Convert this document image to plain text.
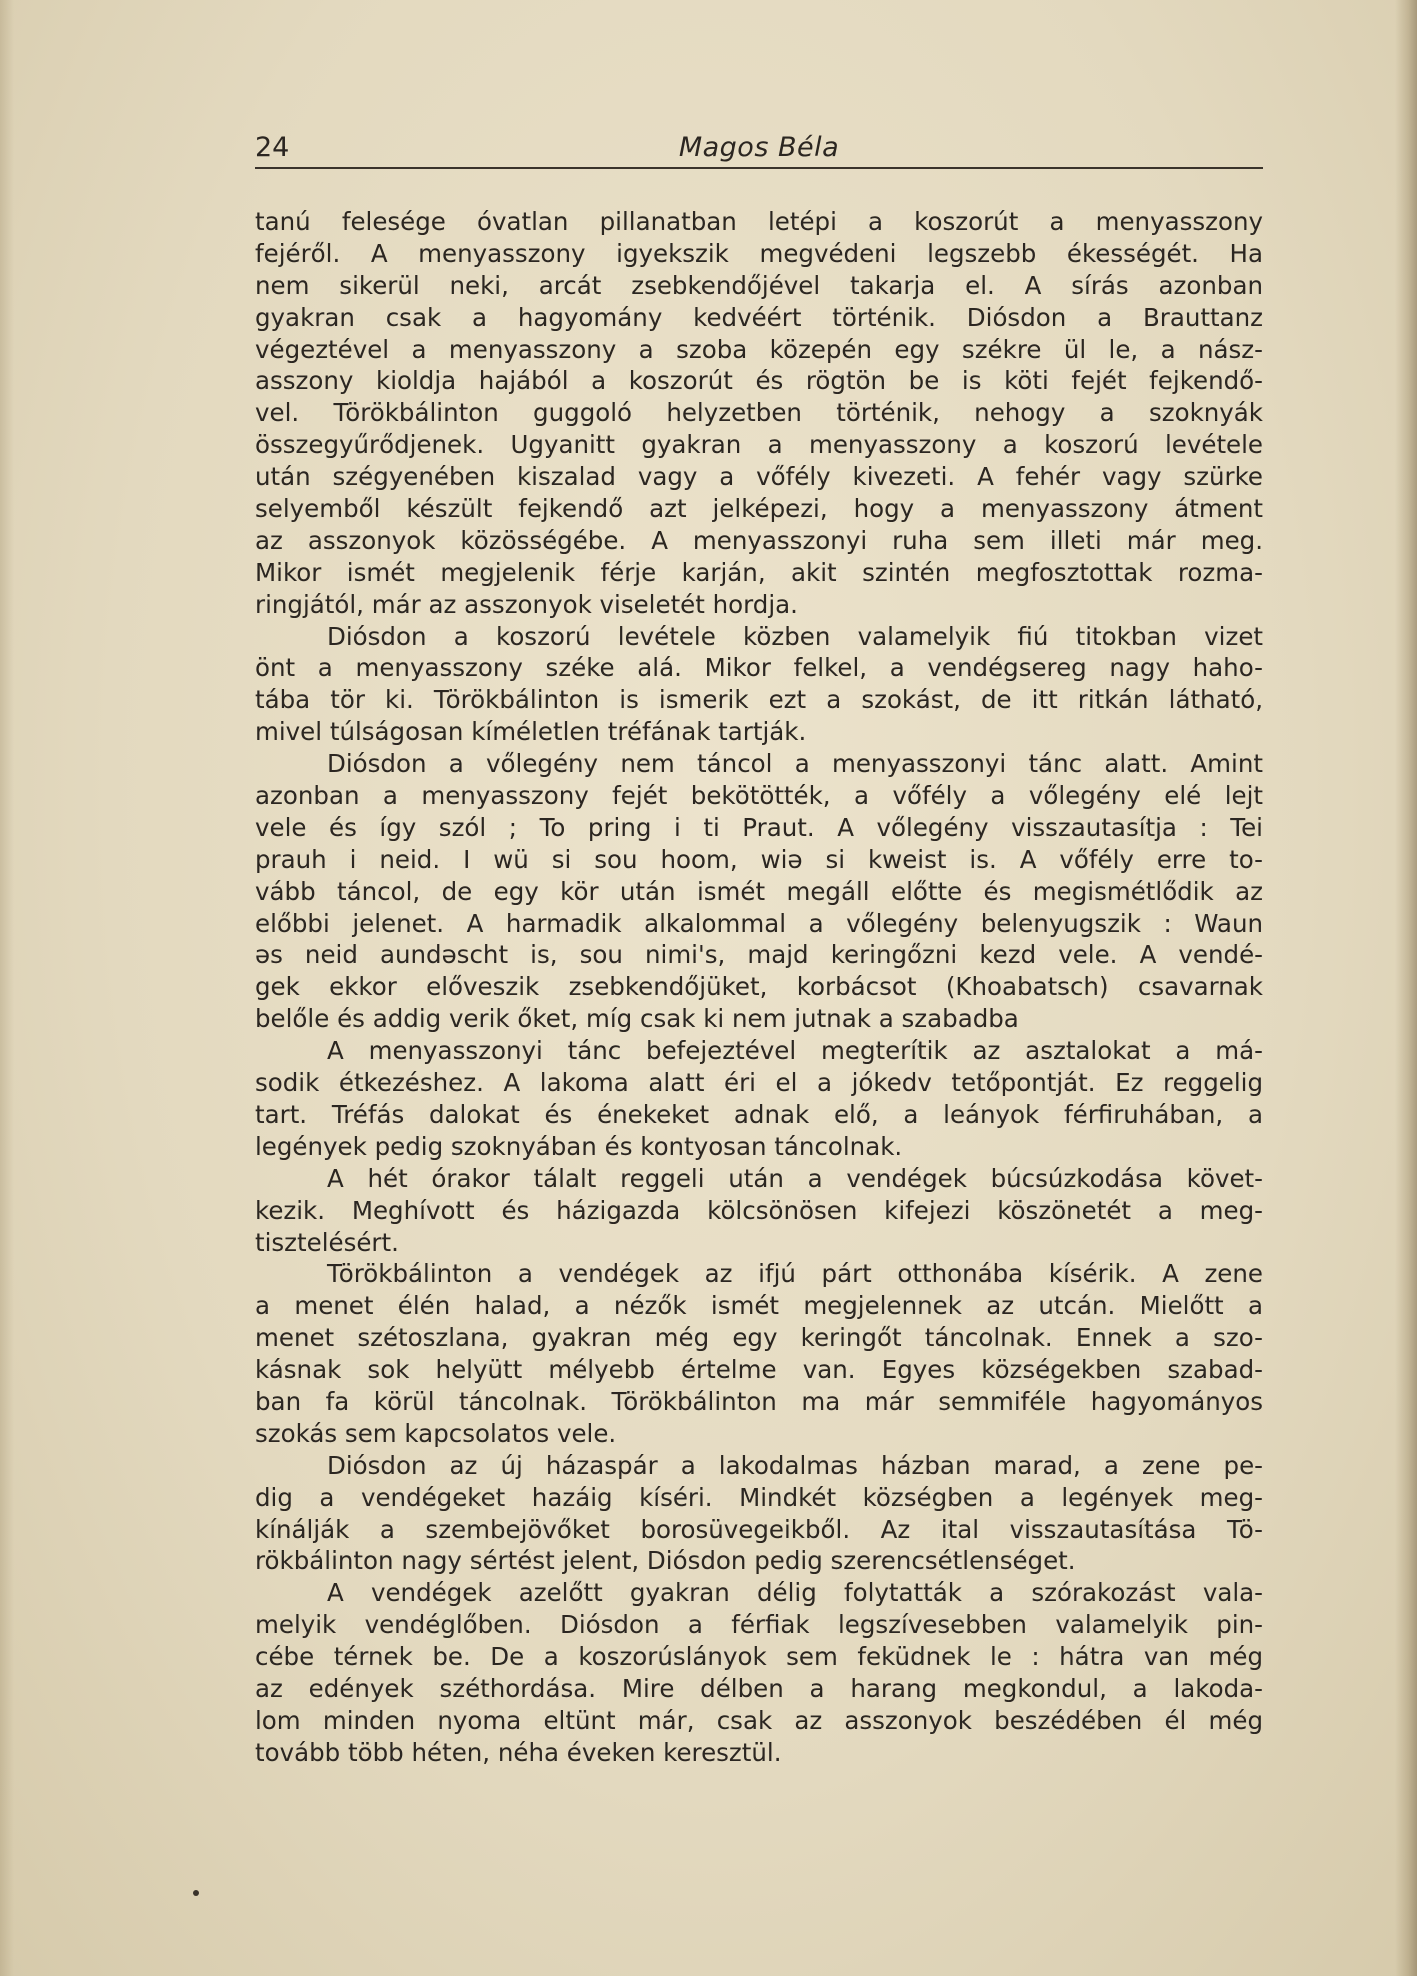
24	Magos Béla
tanú felesége óvatlan pillanatban letépi a koszorút a menyasszony
fejéről. A menyasszony igyekszik megvédeni legszebb ékességét. Ha
nem sikerül neki, arcát zsebkendőjével takarja el. A sírás azonban
gyakran csak a hagyomány kedvéért történik. Diósdon a Brauttanz
végeztével a menyasszony a szoba közepén egy székre ül le, a nász-
asszony kioldja hajából a koszorút és rögtön be is köti fejét fejkendő-
vel. Törökbálinton guggoló helyzetben történik, nehogy a szoknyák
összegyűrődjenek. Ugyanitt gyakran a menyasszony a koszorú levétele
után szégyenében kiszalad vagy a vőfély kivezeti. A fehér vagy szürke
selyemből készült fejkendő azt jelképezi, hogy a menyasszony átment
az asszonyok közösségébe. A menyasszonyi ruha sem illeti már meg.
Mikor ismét megjelenik férje karján, akit szintén megfosztottak rozma-
ringjától, már az asszonyok viseletét hordja.
Diósdon a koszorú levétele közben valamelyik fiú titokban vizet
önt a menyasszony széke alá. Mikor felkel, a vendégsereg nagy haho-
tába tör ki. Törökbálinton is ismerik ezt a szokást, de itt ritkán látható,
mivel túlságosan kíméletlen tréfának tartják.
Diósdon a vőlegény nem táncol a menyasszonyi tánc alatt. Amint
azonban a menyasszony fejét bekötötték, a vőfély a vőlegény elé lejt
vele és így szól ; To pring i ti Praut. A vőlegény visszautasítja : Tei
prauh i neid. I wü si sou hoom, wiə si kweist is. A vőfély erre to-
vább táncol, de egy kör után ismét megáll előtte és megismétlődik az
előbbi jelenet. A harmadik alkalommal a vőlegény belenyugszik : Waun
əs neid aundəscht is, sou nimi's, majd keringőzni kezd vele. A vendé-
gek ekkor előveszik zsebkendőjüket, korbácsot (Khoabatsch) csavarnak
belőle és addig verik őket, míg csak ki nem jutnak a szabadba
A menyasszonyi tánc befejeztével megterítik az asztalokat a má-
sodik étkezéshez. A lakoma alatt éri el a jókedv tetőpontját. Ez reggelig
tart. Tréfás dalokat és énekeket adnak elő, a leányok férfiruhában, a
legények pedig szoknyában és kontyosan táncolnak.
A hét órakor tálalt reggeli után a vendégek búcsúzkodása követ-
kezik. Meghívott és házigazda kölcsönösen kifejezi köszönetét a meg-
tisztelésért.
Törökbálinton a vendégek az ifjú párt otthonába kísérik. A zene
a menet élén halad, a nézők ismét megjelennek az utcán. Mielőtt a
menet szétoszlana, gyakran még egy keringőt táncolnak. Ennek a szo-
kásnak sok helyütt mélyebb értelme van. Egyes községekben szabad-
ban fa körül táncolnak. Törökbálinton ma már semmiféle hagyományos
szokás sem kapcsolatos vele.
Diósdon az új házaspár a lakodalmas házban marad, a zene pe-
dig a vendégeket hazáig kíséri. Mindkét községben a legények meg-
kínálják a szembejövőket borosüvegeikből. Az ital visszautasítása Tö-
rökbálinton nagy sértést jelent, Diósdon pedig szerencsétlenséget.
A vendégek azelőtt gyakran délig folytatták a szórakozást vala-
melyik vendéglőben. Diósdon a férfiak legszívesebben valamelyik pin-
cébe térnek be. De a koszorúslányok sem feküdnek le : hátra van még
az edények széthordása. Mire délben a harang megkondul, a lakoda-
lom minden nyoma eltünt már, csak az asszonyok beszédében él még
tovább több héten, néha éveken keresztül.
